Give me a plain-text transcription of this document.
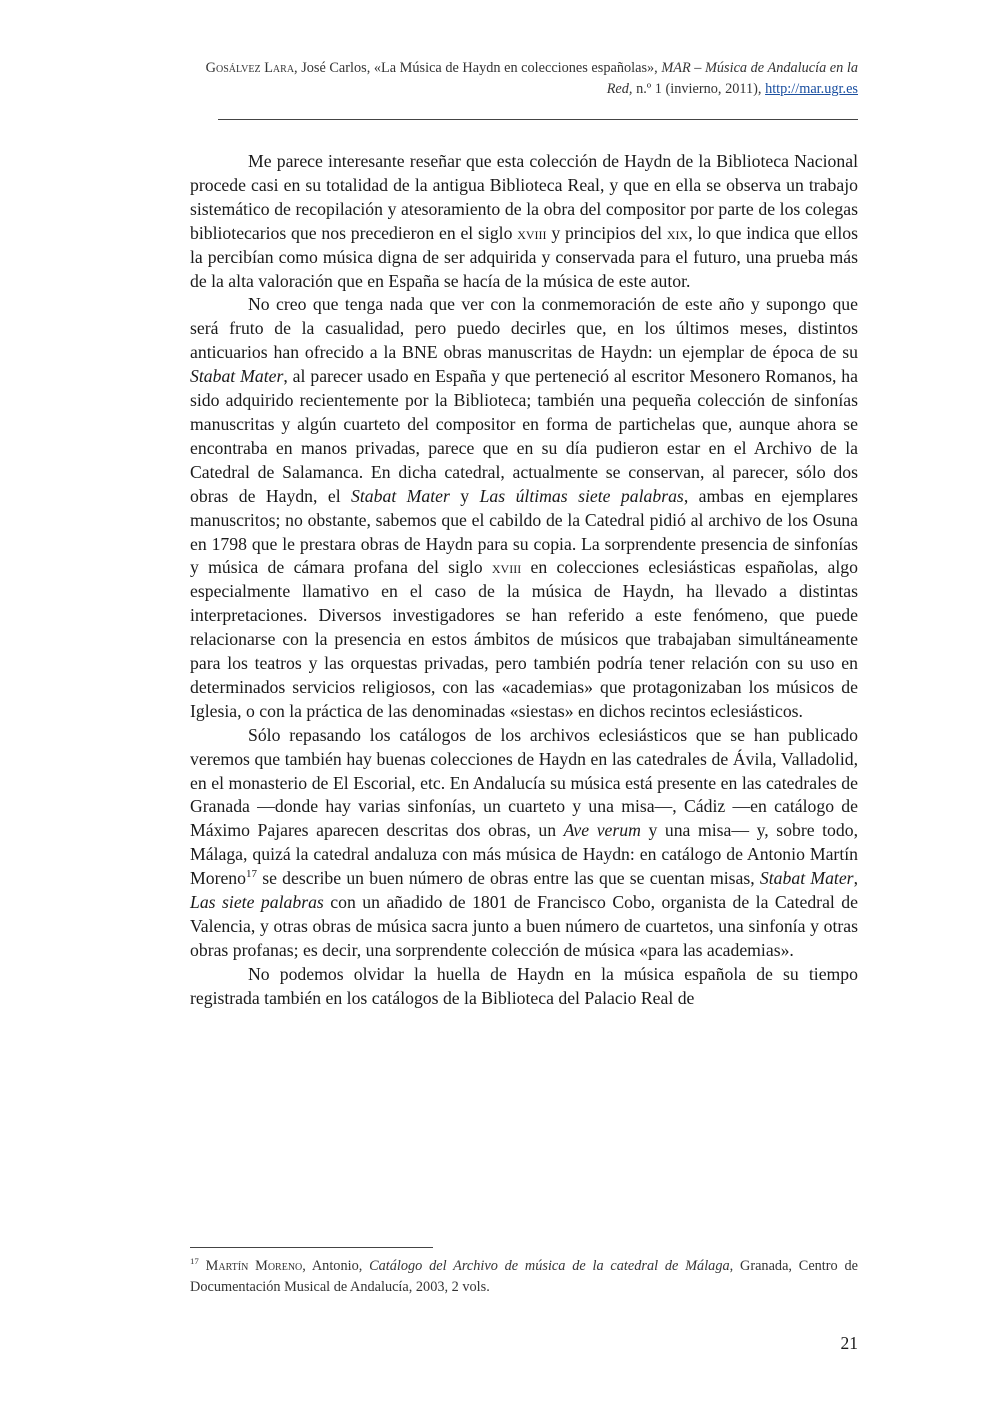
Gosálvez Lara, José Carlos, «La Música de Haydn en colecciones españolas», MAR – Música de Andalucía en la Red, n.º 1 (invierno, 2011), http://mar.ugr.es

Me parece interesante reseñar que esta colección de Haydn de la Biblioteca Nacional procede casi en su totalidad de la antigua Biblioteca Real, y que en ella se observa un trabajo sistemático de recopilación y atesoramiento de la obra del compositor por parte de los colegas bibliotecarios que nos precedieron en el siglo xviii y principios del xix, lo que indica que ellos la percibían como música digna de ser adquirida y conservada para el futuro, una prueba más de la alta valoración que en España se hacía de la música de este autor.

No creo que tenga nada que ver con la conmemoración de este año y supongo que será fruto de la casualidad, pero puedo decirles que, en los últimos meses, distintos anticuarios han ofrecido a la BNE obras manuscritas de Haydn: un ejemplar de época de su Stabat Mater, al parecer usado en España y que perteneció al escritor Mesonero Romanos, ha sido adquirido recientemente por la Biblioteca; también una pequeña colección de sinfonías manuscritas y algún cuarteto del compositor en forma de partichelas que, aunque ahora se encontraba en manos privadas, parece que en su día pudieron estar en el Archivo de la Catedral de Salamanca. En dicha catedral, actualmente se conservan, al parecer, sólo dos obras de Haydn, el Stabat Mater y Las últimas siete palabras, ambas en ejemplares manuscritos; no obstante, sabemos que el cabildo de la Catedral pidió al archivo de los Osuna en 1798 que le prestara obras de Haydn para su copia. La sorprendente presencia de sinfonías y música de cámara profana del siglo xviii en colecciones eclesiásticas españolas, algo especialmente llamativo en el caso de la música de Haydn, ha llevado a distintas interpretaciones. Diversos investigadores se han referido a este fenómeno, que puede relacionarse con la presencia en estos ámbitos de músicos que trabajaban simultáneamente para los teatros y las orquestas privadas, pero también podría tener relación con su uso en determinados servicios religiosos, con las «academias» que protagonizaban los músicos de Iglesia, o con la práctica de las denominadas «siestas» en dichos recintos eclesiásticos.

Sólo repasando los catálogos de los archivos eclesiásticos que se han publicado veremos que también hay buenas colecciones de Haydn en las catedrales de Ávila, Valladolid, en el monasterio de El Escorial, etc. En Andalucía su música está presente en las catedrales de Granada —donde hay varias sinfonías, un cuarteto y una misa—, Cádiz —en catálogo de Máximo Pajares aparecen descritas dos obras, un Ave verum y una misa— y, sobre todo, Málaga, quizá la catedral andaluza con más música de Haydn: en catálogo de Antonio Martín Moreno$^{17}$ se describe un buen número de obras entre las que se cuentan misas, Stabat Mater, Las siete palabras con un añadido de 1801 de Francisco Cobo, organista de la Catedral de Valencia, y otras obras de música sacra junto a buen número de cuartetos, una sinfonía y otras obras profanas; es decir, una sorprendente colección de música «para las academias».

No podemos olvidar la huella de Haydn en la música española de su tiempo registrada también en los catálogos de la Biblioteca del Palacio Real de

$^{17}$ Martín Moreno, Antonio, Catálogo del Archivo de música de la catedral de Málaga, Granada, Centro de Documentación Musical de Andalucía, 2003, 2 vols.
21
